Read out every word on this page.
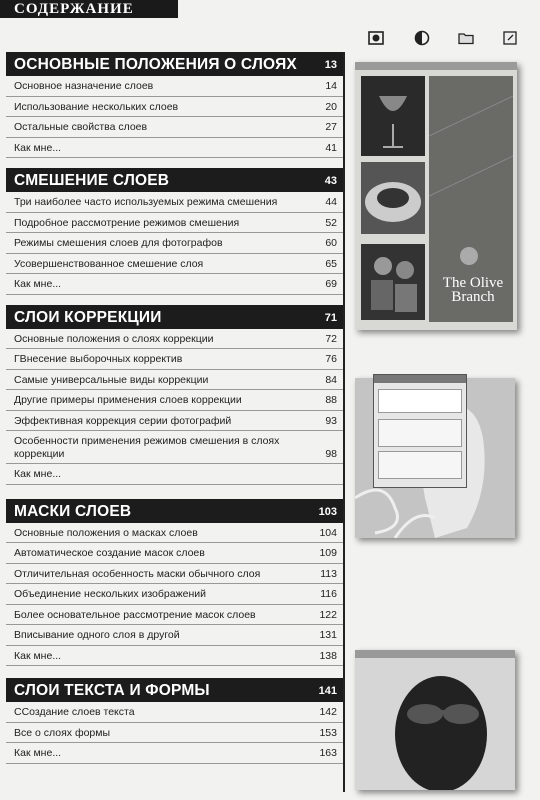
СОДЕРЖАНИЕ
ОСНОВНЫЕ ПОЛОЖЕНИЯ О СЛОЯХ	13
Основное назначение слоев	14
Использование нескольких слоев	20
Остальные свойства слоев	27
Как мне...	41
СМЕШЕНИЕ СЛОЕВ	43
Три наиболее часто используемых режима смешения	44
Подробное рассмотрение режимов смешения	52
Режимы смешения слоев для фотографов	60
Усовершенствованное смешение слоя	65
Как мне...	69
СЛОИ КОРРЕКЦИИ	71
Основные положения о слоях коррекции	72
ГВнесение выборочных корректив	76
Самые универсальные виды коррекции	84
Другие примеры применения слоев коррекции	88
Эффективная коррекция серии фотографий	93
Особенности применения режимов смешения в слоях коррекции	98
Как мне...
МАСКИ СЛОЕВ	103
Основные положения о масках слоев	104
Автоматическое создание масок слоев	109
Отличительная особенность маски обычного слоя	113
Объединение нескольких изображений	116
Более основательное рассмотрение масок слоев	122
Вписывание одного слоя в другой	131
Как мне...	138
СЛОИ ТЕКСТА И ФОРМЫ	141
ССоздание слоев текста	142
Все о слоях формы	153
Как мне...	163
The Olive Branch
